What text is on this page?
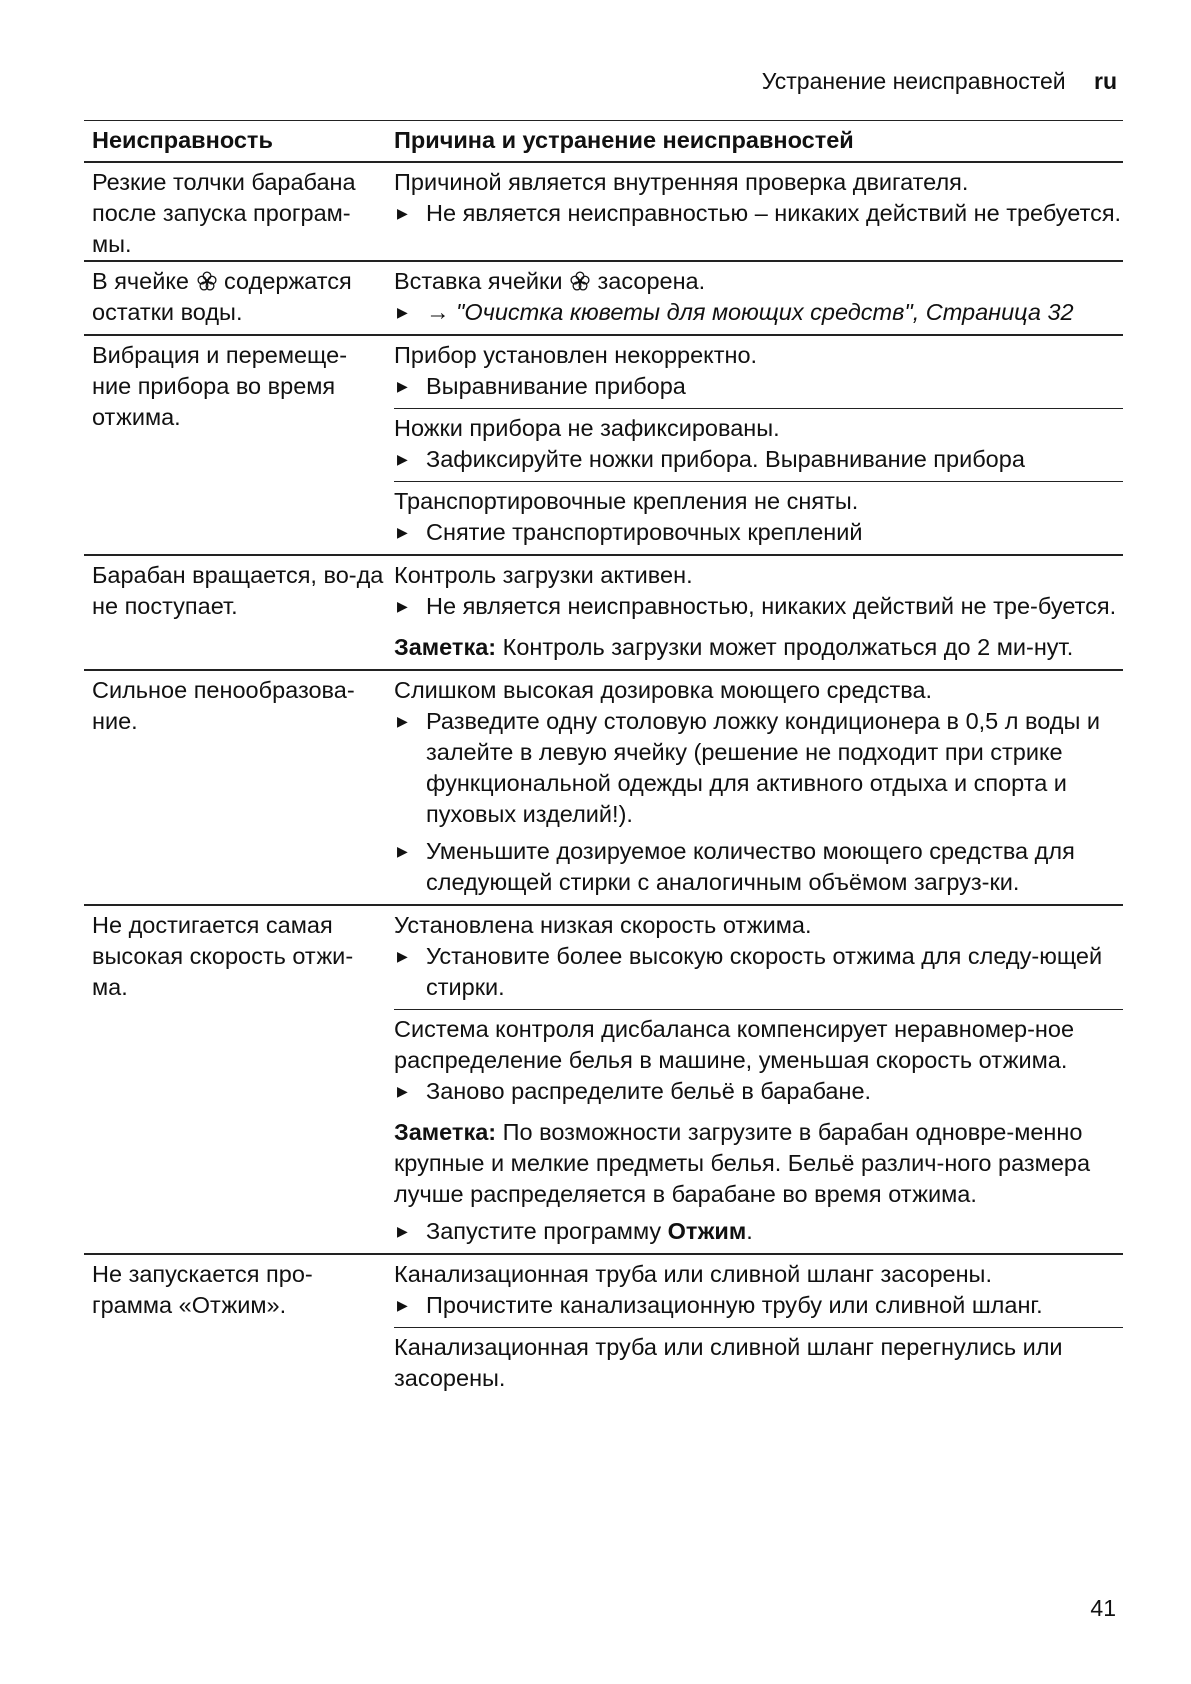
Устранение неисправностей ru
Неисправность	Причина и устранение неисправностей
Резкие толчки барабана после запуска програм-мы.
Причиной является внутренняя проверка двигателя.
▶ Не является неисправностью – никаких действий не требуется.
В ячейке содержатся остатки воды.
Вставка ячейки засорена.
▶ → "Очистка кюветы для моющих средств", Страница 32
Вибрация и перемеще-ние прибора во время отжима.
Прибор установлен некорректно.
▶ Выравнивание прибора
Ножки прибора не зафиксированы.
▶ Зафиксируйте ножки прибора. Выравнивание прибора
Транспортировочные крепления не сняты.
▶ Снятие транспортировочных креплений
Барабан вращается, во-да не поступает.
Контроль загрузки активен.
▶ Не является неисправностью, никаких действий не тре-буется.
Заметка: Контроль загрузки может продолжаться до 2 ми-нут.
Сильное пенообразова-ние.
Слишком высокая дозировка моющего средства.
▶ Разведите одну столовую ложку кондиционера в 0,5 л воды и залейте в левую ячейку (решение не подходит при стрике функциональной одежды для активного отдыха и спорта и пуховых изделий!).
▶ Уменьшите дозируемое количество моющего средства для следующей стирки с аналогичным объёмом загруз-ки.
Не достигается самая высокая скорость отжи-ма.
Установлена низкая скорость отжима.
▶ Установите более высокую скорость отжима для следу-ющей стирки.
Система контроля дисбаланса компенсирует неравномер-ное распределение белья в машине, уменьшая скорость отжима.
▶ Заново распределите бельё в барабане.
Заметка: По возможности загрузите в барабан одновре-менно крупные и мелкие предметы белья. Бельё различ-ного размера лучше распределяется в барабане во время отжима.
▶ Запустите программу Отжим.
Не запускается про-грамма «Отжим».
Канализационная труба или сливной шланг засорены.
▶ Прочистите канализационную трубу или сливной шланг.
Канализационная труба или сливной шланг перегнулись или засорены.
41
